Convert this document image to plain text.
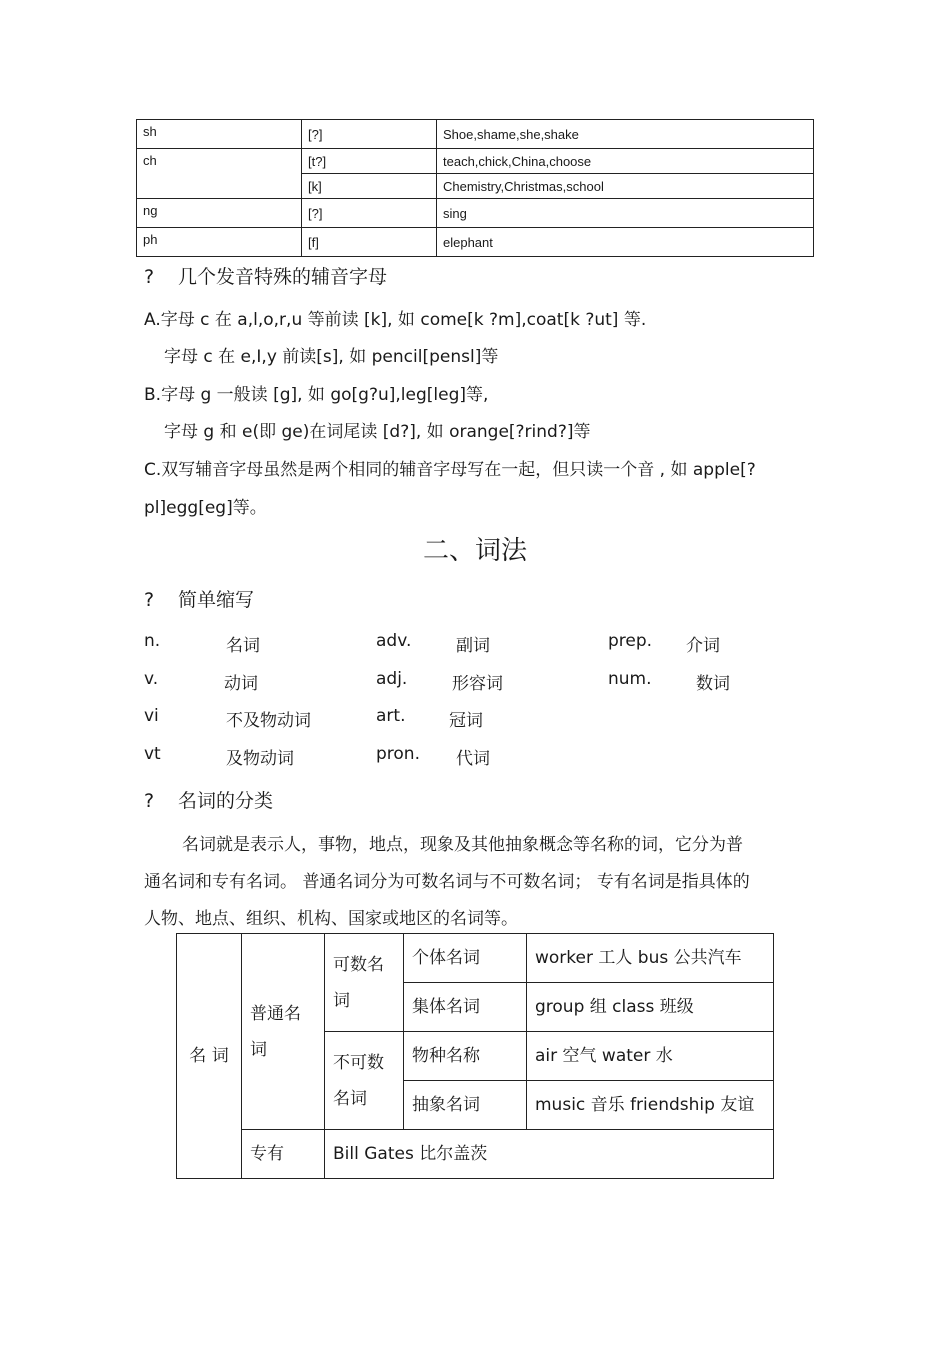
sh	[?]	Shoe,shame,she,shake
ch	[t?]	teach,chick,China,choose
	[k]	Chemistry,Christmas,school
ng	[?]	sing
ph	[f]	elephant
? 几个发音特殊的辅音字母
A.字母 c 在 a,l,o,r,u 等前读 [k], 如 come[k ?m],coat[k ?ut] 等.
字母 c 在 e,I,y 前读[s], 如 pencil[pensl]等
B.字母 g 一般读 [g], 如 go[g?u],leg[leg]等,
字母 g 和 e(即 ge)在词尾读 [d?], 如 orange[?rind?]等
C.双写辅音字母虽然是两个相同的辅音字母写在一起，但只读一个音 , 如 apple[?
pl]egg[eg]等。
二、词法
? 简单缩写
n.	名词	adv.	副词	prep. 介词
v.	动词	adj.	形容词	num.	数词
vi	不及物动词	art.	冠词
vt	及物动词	pron. 代词
? 名词的分类
名词就是表示人，事物，地点，现象及其他抽象概念等名称的词，它分为普
通名词和专有名词。 普通名词分为可数名词与不可数名词； 专有名词是指具体的
人物、地点、组织、机构、国家或地区的名词等。
名 词	普通名词	可数名词	个体名词	worker 工人 bus 公共汽车
			集体名词	group 组 class 班级
		不可数名词	物种名称	air 空气 water 水
			抽象名词	music 音乐 friendship 友谊
	专有	Bill Gates 比尔盖茨		
